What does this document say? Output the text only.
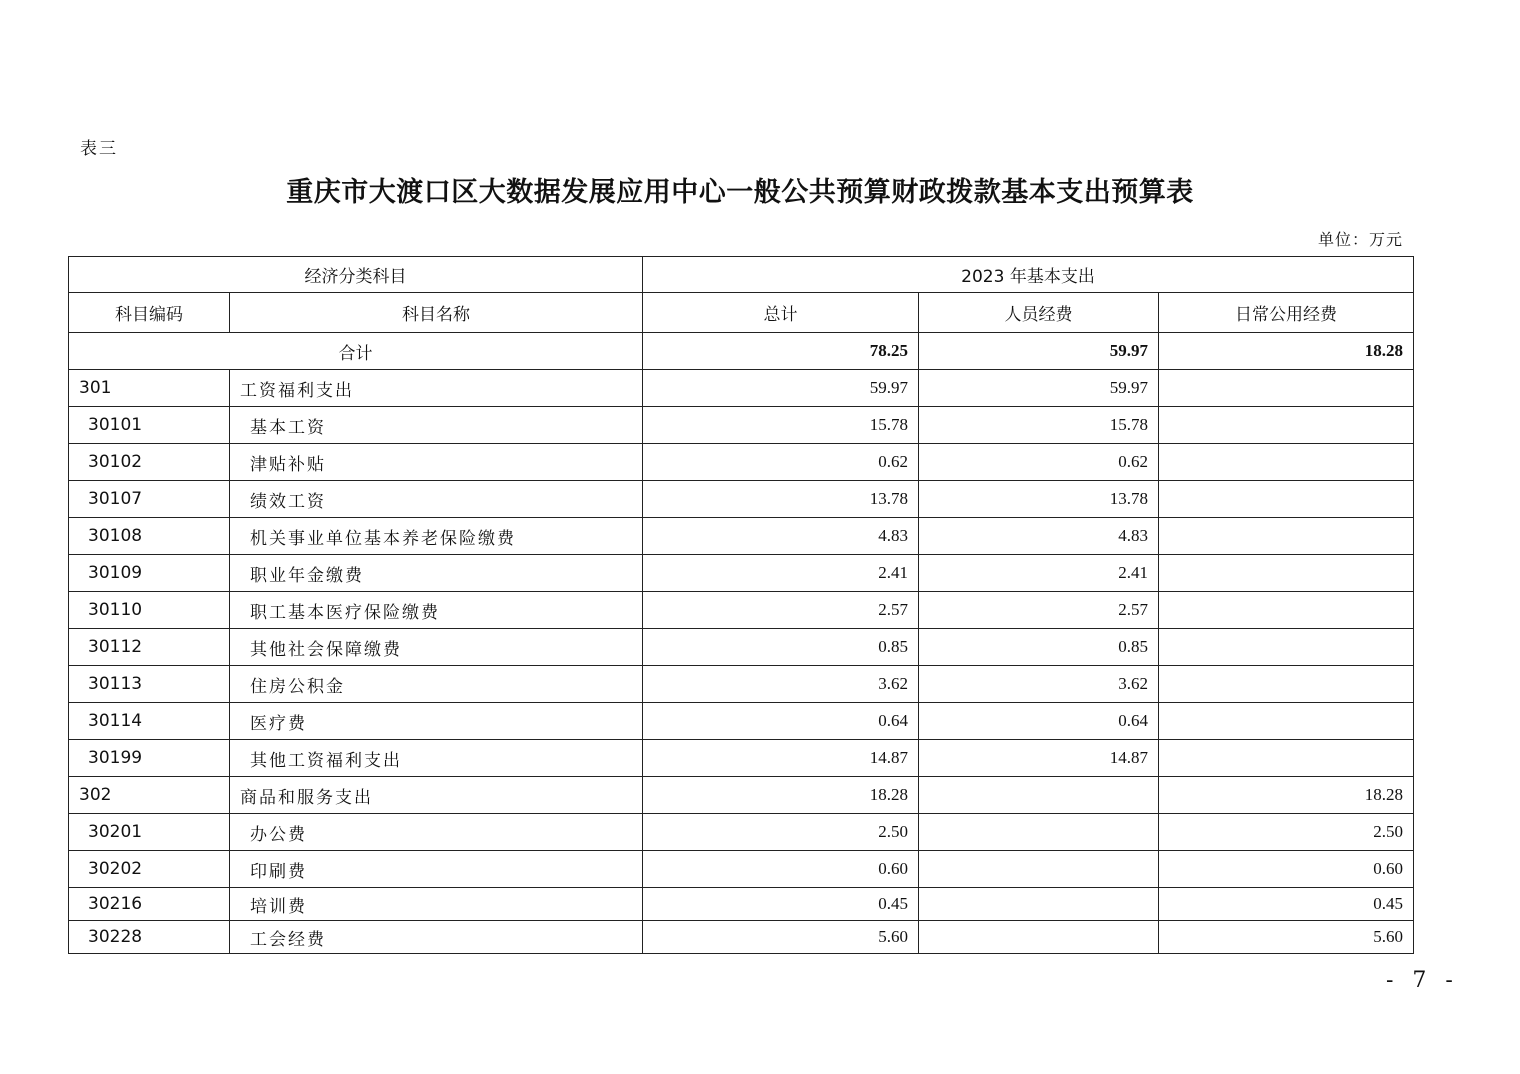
表三
重庆市大渡口区大数据发展应用中心一般公共预算财政拨款基本支出预算表
单位：万元
经济分类科目		2023 年基本支出		
科目编码	科目名称	总计	人员经费	日常公用经费
合计		78.25	59.97	18.28
301	工资福利支出	59.97	59.97	
30101	基本工资	15.78	15.78	
30102	津贴补贴	0.62	0.62	
30107	绩效工资	13.78	13.78	
30108	机关事业单位基本养老保险缴费	4.83	4.83	
30109	职业年金缴费	2.41	2.41	
30110	职工基本医疗保险缴费	2.57	2.57	
30112	其他社会保障缴费	0.85	0.85	
30113	住房公积金	3.62	3.62	
30114	医疗费	0.64	0.64	
30199	其他工资福利支出	14.87	14.87	
302	商品和服务支出	18.28		18.28
30201	办公费	2.50		2.50
30202	印刷费	0.60		0.60
30216	培训费	0.45		0.45
30228	工会经费	5.60		5.60
- 7 -
